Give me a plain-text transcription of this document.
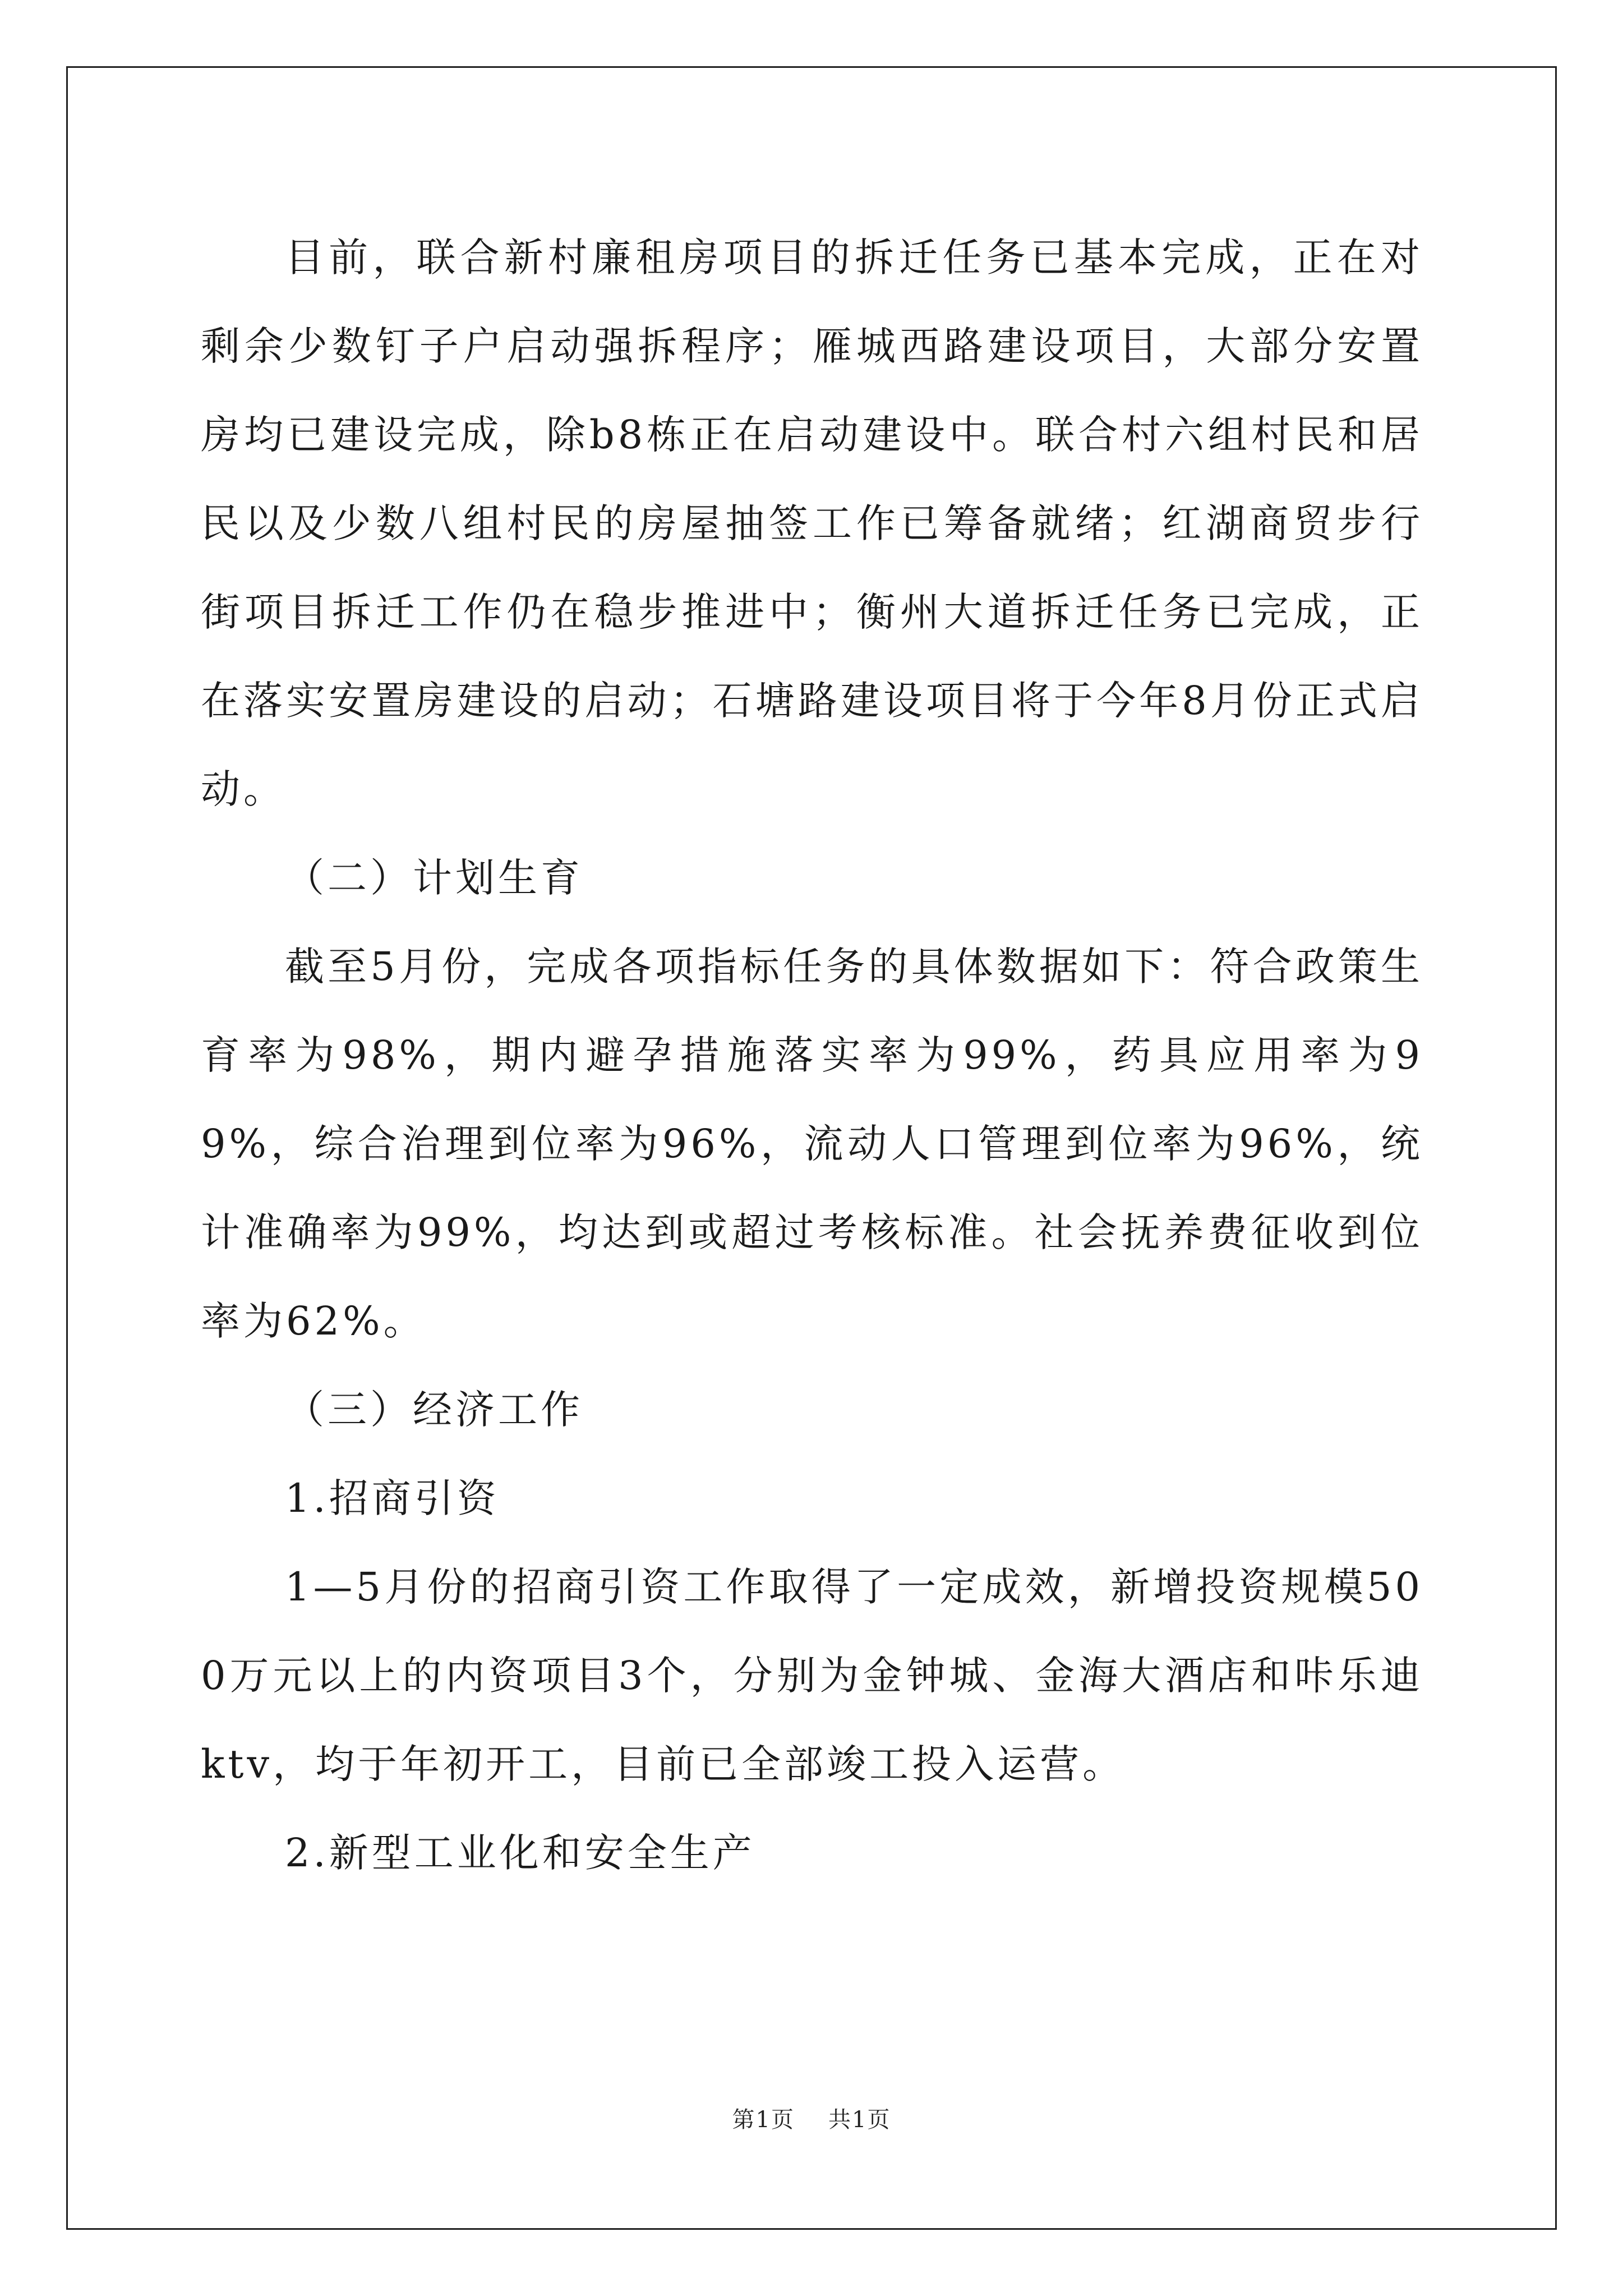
目前，联合新村廉租房项目的拆迁任务已基本完成，正在对剩余少数钉子户启动强拆程序；雁城西路建设项目，大部分安置房均已建设完成，除b8栋正在启动建设中。联合村六组村民和居民以及少数八组村民的房屋抽签工作已筹备就绪；红湖商贸步行街项目拆迁工作仍在稳步推进中；衡州大道拆迁任务已完成，正在落实安置房建设的启动；石塘路建设项目将于今年8月份正式启动。

（二）计划生育

截至5月份，完成各项指标任务的具体数据如下：符合政策生育率为98%，期内避孕措施落实率为99%，药具应用率为99%，综合治理到位率为96%，流动人口管理到位率为96%，统计准确率为99%，均达到或超过考核标准。社会抚养费征收到位率为62%。

（三）经济工作

1.招商引资

1—5月份的招商引资工作取得了一定成效，新增投资规模500万元以上的内资项目3个，分别为金钟城、金海大酒店和咔乐迪ktv，均于年初开工，目前已全部竣工投入运营。

2.新型工业化和安全生产

第1页 共1页
